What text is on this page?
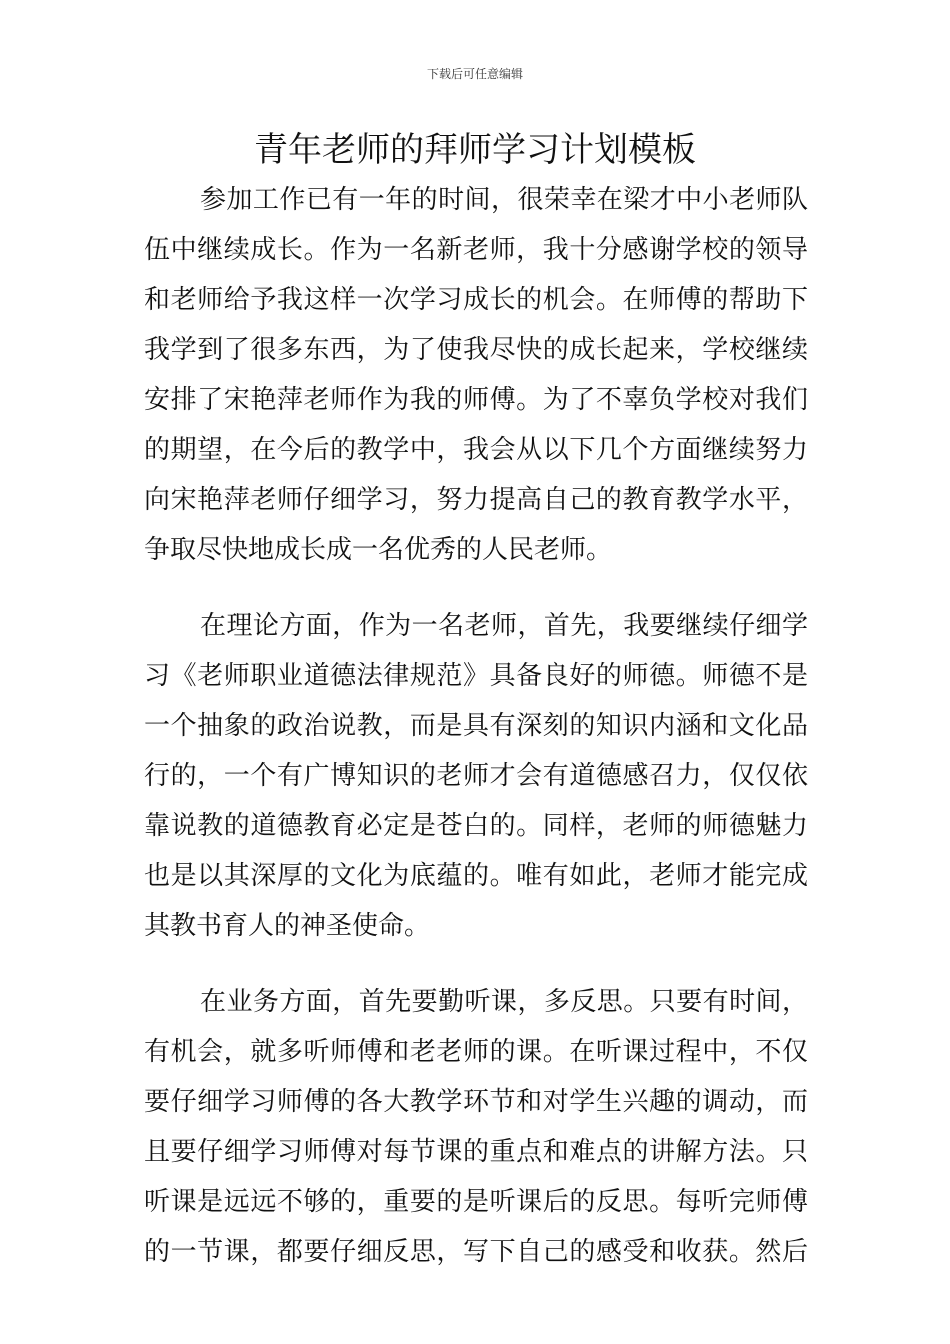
下载后可任意编辑
青年老师的拜师学习计划模板
参加工作已有一年的时间，很荣幸在梁才中小老师队
伍中继续成长。作为一名新老师，我十分感谢学校的领导
和老师给予我这样一次学习成长的机会。在师傅的帮助下
我学到了很多东西，为了使我尽快的成长起来，学校继续
安排了宋艳萍老师作为我的师傅。为了不辜负学校对我们
的期望，在今后的教学中，我会从以下几个方面继续努力
向宋艳萍老师仔细学习，努力提高自己的教育教学水平，
争取尽快地成长成一名优秀的人民老师。
在理论方面，作为一名老师，首先，我要继续仔细学
习《老师职业道德法律规范》具备良好的师德。师德不是
一个抽象的政治说教，而是具有深刻的知识内涵和文化品
行的，一个有广博知识的老师才会有道德感召力，仅仅依
靠说教的道德教育必定是苍白的。同样，老师的师德魅力
也是以其深厚的文化为底蕴的。唯有如此，老师才能完成
其教书育人的神圣使命。
在业务方面，首先要勤听课，多反思。只要有时间，
有机会，就多听师傅和老老师的课。在听课过程中，不仅
要仔细学习师傅的各大教学环节和对学生兴趣的调动，而
且要仔细学习师傅对每节课的重点和难点的讲解方法。只
听课是远远不够的，重要的是听课后的反思。每听完师傅
的一节课，都要仔细反思，写下自己的感受和收获。然后
